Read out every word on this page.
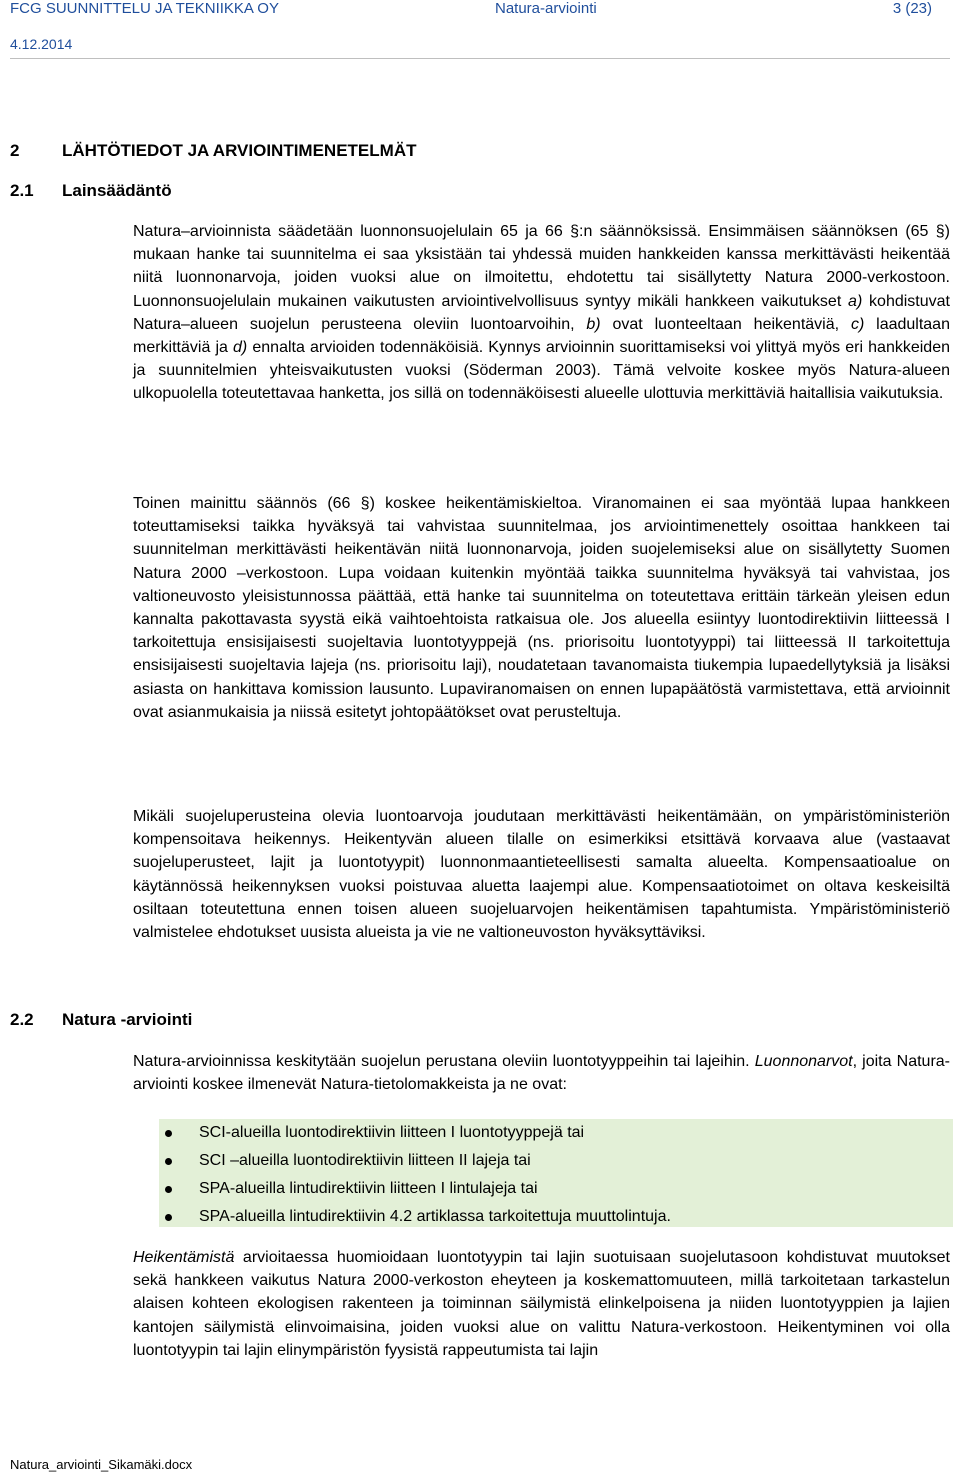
FCG SUUNNITTELU JA TEKNIIKKA OY	Natura-arviointi	3 (23)
4.12.2014
2	LÄHTÖTIEDOT JA ARVIOINTIMENETELMÄT
2.1 Lainsäädäntö

Natura–arvioinnista säädetään luonnonsuojelulain 65 ja 66 §:n säännöksissä. Ensimmäisen säännöksen (65 §) mukaan hanke tai suunnitelma ei saa yksistään tai yhdessä muiden hankkeiden kanssa merkittävästi heikentää niitä luonnonarvoja, joiden vuoksi alue on ilmoitettu, ehdotettu tai sisällytetty Natura 2000-verkostoon. Luonnonsuojelulain mukainen vaikutusten arviointivelvollisuus syntyy mikäli hankkeen vaikutukset a) kohdistuvat Natura–alueen suojelun perusteena oleviin luontoarvoihin, b) ovat luonteeltaan heikentäviä, c) laadultaan merkittäviä ja d) ennalta arvioiden todennäköisiä. Kynnys arvioinnin suorittamiseksi voi ylittyä myös eri hankkeiden ja suunnitelmien yhteisvaikutusten vuoksi (Söderman 2003). Tämä velvoite koskee myös Natura-alueen ulkopuolella toteutettavaa hanketta, jos sillä on todennäköisesti alueelle ulottuvia merkittäviä haitallisia vaikutuksia.

Toinen mainittu säännös (66 §) koskee heikentämiskieltoa. Viranomainen ei saa myöntää lupaa hankkeen toteuttamiseksi taikka hyväksyä tai vahvistaa suunnitelmaa, jos arviointimenettely osoittaa hankkeen tai suunnitelman merkittävästi heikentävän niitä luonnonarvoja, joiden suojelemiseksi alue on sisällytetty Suomen Natura 2000 –verkostoon. Lupa voidaan kuitenkin myöntää taikka suunnitelma hyväksyä tai vahvistaa, jos valtioneuvosto yleisistunnossa päättää, että hanke tai suunnitelma on toteutettava erittäin tärkeän yleisen edun kannalta pakottavasta syystä eikä vaihtoehtoista ratkaisua ole. Jos alueella esiintyy luontodirektiivin liitteessä I tarkoitettuja ensisijaisesti suojeltavia luontotyyppejä (ns. priorisoitu luontotyyppi) tai liitteessä II tarkoitettuja ensisijaisesti suojeltavia lajeja (ns. priorisoitu laji), noudatetaan tavanomaista tiukempia lupaedellytyksiä ja lisäksi asiasta on hankittava komission lausunto. Lupaviranomaisen on ennen lupapäätöstä varmistettava, että arvioinnit ovat asianmukaisia ja niissä esitetyt johtopäätökset ovat perusteltuja.

Mikäli suojeluperusteina olevia luontoarvoja joudutaan merkittävästi heikentämään, on ympäristöministeriön kompensoitava heikennys. Heikentyvän alueen tilalle on esimerkiksi etsittävä korvaava alue (vastaavat suojeluperusteet, lajit ja luontotyypit) luonnonmaantieteellisesti samalta alueelta. Kompensaatioalue on käytännössä heikennyksen vuoksi poistuvaa aluetta laajempi alue. Kompensaatiotoimet on oltava keskeisiltä osiltaan toteutettuna ennen toisen alueen suojeluarvojen heikentämisen tapahtumista. Ympäristöministeriö valmistelee ehdotukset uusista alueista ja vie ne valtioneuvoston hyväksyttäviksi.

2.2 Natura -arviointi

Natura-arvioinnissa keskitytään suojelun perustana oleviin luontotyyppeihin tai lajeihin. Luonnonarvot, joita Natura-arviointi koskee ilmenevät Natura-tietolomakkeista ja ne ovat:

SCI-alueilla luontodirektiivin liitteen I luontotyyppejä tai
SCI –alueilla luontodirektiivin liitteen II lajeja tai
SPA-alueilla lintudirektiivin liitteen I lintulajeja tai
SPA-alueilla lintudirektiivin 4.2 artiklassa tarkoitettuja muuttolintuja.

Heikentämistä arvioitaessa huomioidaan luontotyypin tai lajin suotuisaan suojelutasoon kohdistuvat muutokset sekä hankkeen vaikutus Natura 2000-verkoston eheyteen ja koskemattomuuteen, millä tarkoitetaan tarkastelun alaisen kohteen ekologisen rakenteen ja toiminnan säilymistä elinkelpoisena ja niiden luontotyyppien ja lajien kantojen säilymistä elinvoimaisina, joiden vuoksi alue on valittu Natura-verkostoon. Heikentyminen voi olla luontotyypin tai lajin elinympäristön fyysistä rappeutumista tai lajin

Natura_arviointi_Sikamäki.docx
